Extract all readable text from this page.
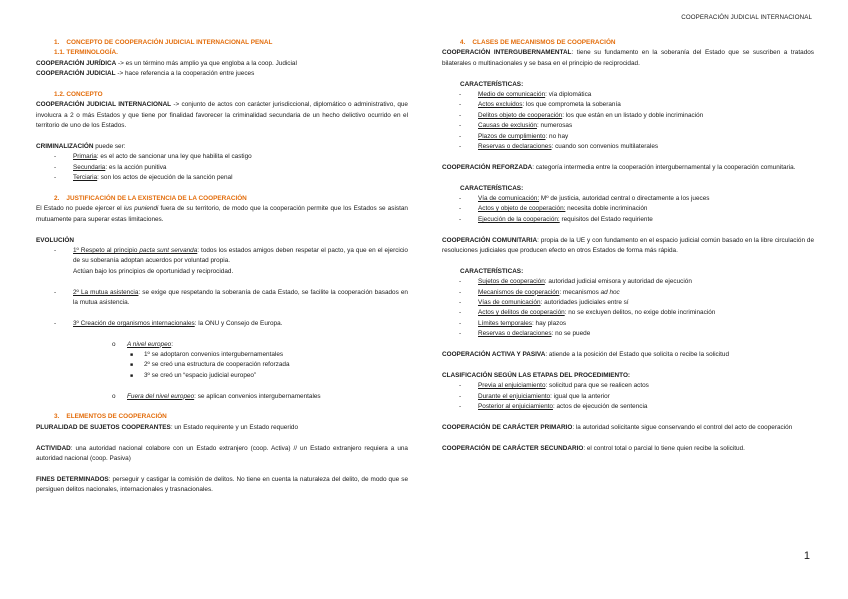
COOPERACIÓN JUDICIAL INTERNACIONAL
1.    CONCEPTO DE COOPERACIÓN JUDICIAL INTERNACIONAL PENAL
1.1. TERMINOLOGÍA.
COOPERACIÓN JURÍDICA -> es un término más amplio ya que engloba a la coop. Judicial
COOPERACIÓN JUDICIAL -> hace referencia a la cooperación entre jueces
1.2. CONCEPTO
COOPERACIÓN JUDICIAL INTERNACIONAL -> conjunto de actos con carácter jurisdiccional, diplomático o administrativo, que involucra a 2 o más Estados y que tiene por finalidad favorecer la criminalidad secundaria de un hecho delictivo ocurrido en el territorio de uno de los Estados.
CRIMINALIZACIÓN puede ser:
-	Primaria: es el acto de sancionar una ley que habilita el castigo
-	Secundaria: es la acción punitiva
-	Terciaria: son los actos de ejecución de la sanción penal
2.    JUSTIFICACIÓN DE LA EXISTENCIA DE LA COOPERACIÓN
El Estado no puede ejercer el ius puniendi fuera de su territorio, de modo que la cooperación permite que los Estados se asistan mutuamente para superar estas limitaciones.
EVOLUCIÓN
-	1º Respeto al principio pacta sunt servanda: todos los estados amigos deben respetar el pacto, ya que en el ejercicio de su soberanía adoptan acuerdos por voluntad propia.
Actúan bajo los principios de oportunidad y reciprocidad.
-	2º La mutua asistencia: se exige que respetando la soberanía de cada Estado, se facilite la cooperación basados en la mutua asistencia.
-	3º Creación de organismos internacionales: la ONU y Consejo de Europa.
o A nivel europeo:
■ 1º se adoptaron convenios intergubernamentales
■ 2º se creó una estructura de cooperación reforzada
■ 3º se creó un “espacio judicial europeo”
o Fuera del nivel europeo: se aplican convenios intergubernamentales
3.    ELEMENTOS DE COOPERACIÓN
PLURALIDAD DE SUJETOS COOPERANTES: un Estado requirente y un Estado requerido
ACTIVIDAD: una autoridad nacional colabore con un Estado extranjero (coop. Activa) // un Estado extranjero requiera a una autoridad nacional (coop. Pasiva)
FINES DETERMINADOS: perseguir y castigar la comisión de delitos. No tiene en cuenta la naturaleza del delito, de modo que se persiguen delitos nacionales, internacionales y trasnacionales.
4.    CLASES DE MECANISMOS DE COOPERACIÓN
COOPERACIÓN INTERGUBERNAMENTAL: tiene su fundamento en la soberanía del Estado que se suscriben a tratados bilaterales o multinacionales y se basa en el principio de reciprocidad.
CARACTERÍSTICAS:
-	Medio de comunicación: vía diplomática
-	Actos excluidos: los que comprometa la soberanía
-	Delitos objeto de cooperación: los que están en un listado y doble incriminación
-	Causas de exclusión: numerosas
-	Plazos de cumplimiento: no hay
-	Reservas o declaraciones: cuando son convenios multilaterales
COOPERACIÓN REFORZADA: categoría intermedia entre la cooperación intergubernamental y la cooperación comunitaria.
CARACTERÍSTICAS:
-	Vía de comunicación: Mº de justicia, autoridad central o directamente a los jueces
-	Actos y objeto de cooperación: necesita doble incriminación
-	Ejecución de la cooperación: requisitos del Estado requiriente
COOPERACIÓN COMUNITARIA: propia de la UE y con fundamento en el espacio judicial común basado en la libre circulación de resoluciones judiciales que producen efecto en otros Estados de forma más rápida.
CARACTERÍSTICAS:
-	Sujetos de cooperación: autoridad judicial emisora y autoridad de ejecución
-	Mecanismos de cooperación: mecanismos ad hoc
-	Vías de comunicación: autoridades judiciales entre sí
-	Actos y delitos de cooperación: no se excluyen delitos, no exige doble incriminación
-	Límites temporales: hay plazos
-	Reservas o declaraciones: no se puede
COOPERACIÓN ACTIVA Y PASIVA: atiende a la posición del Estado que solicita o recibe la solicitud
CLASIFICACIÓN SEGÚN LAS ETAPAS DEL PROCEDIMIENTO:
-	Previa al enjuiciamiento: solicitud para que se realicen actos
-	Durante el enjuiciamiento: igual que la anterior
-	Posterior al enjuiciamiento: actos de ejecución de sentencia
COOPERACIÓN DE CARÁCTER PRIMARIO: la autoridad solicitante sigue conservando el control del acto de cooperación
COOPERACIÓN DE CARÁCTER SECUNDARIO: el control total o parcial lo tiene quien recibe la solicitud.
1
